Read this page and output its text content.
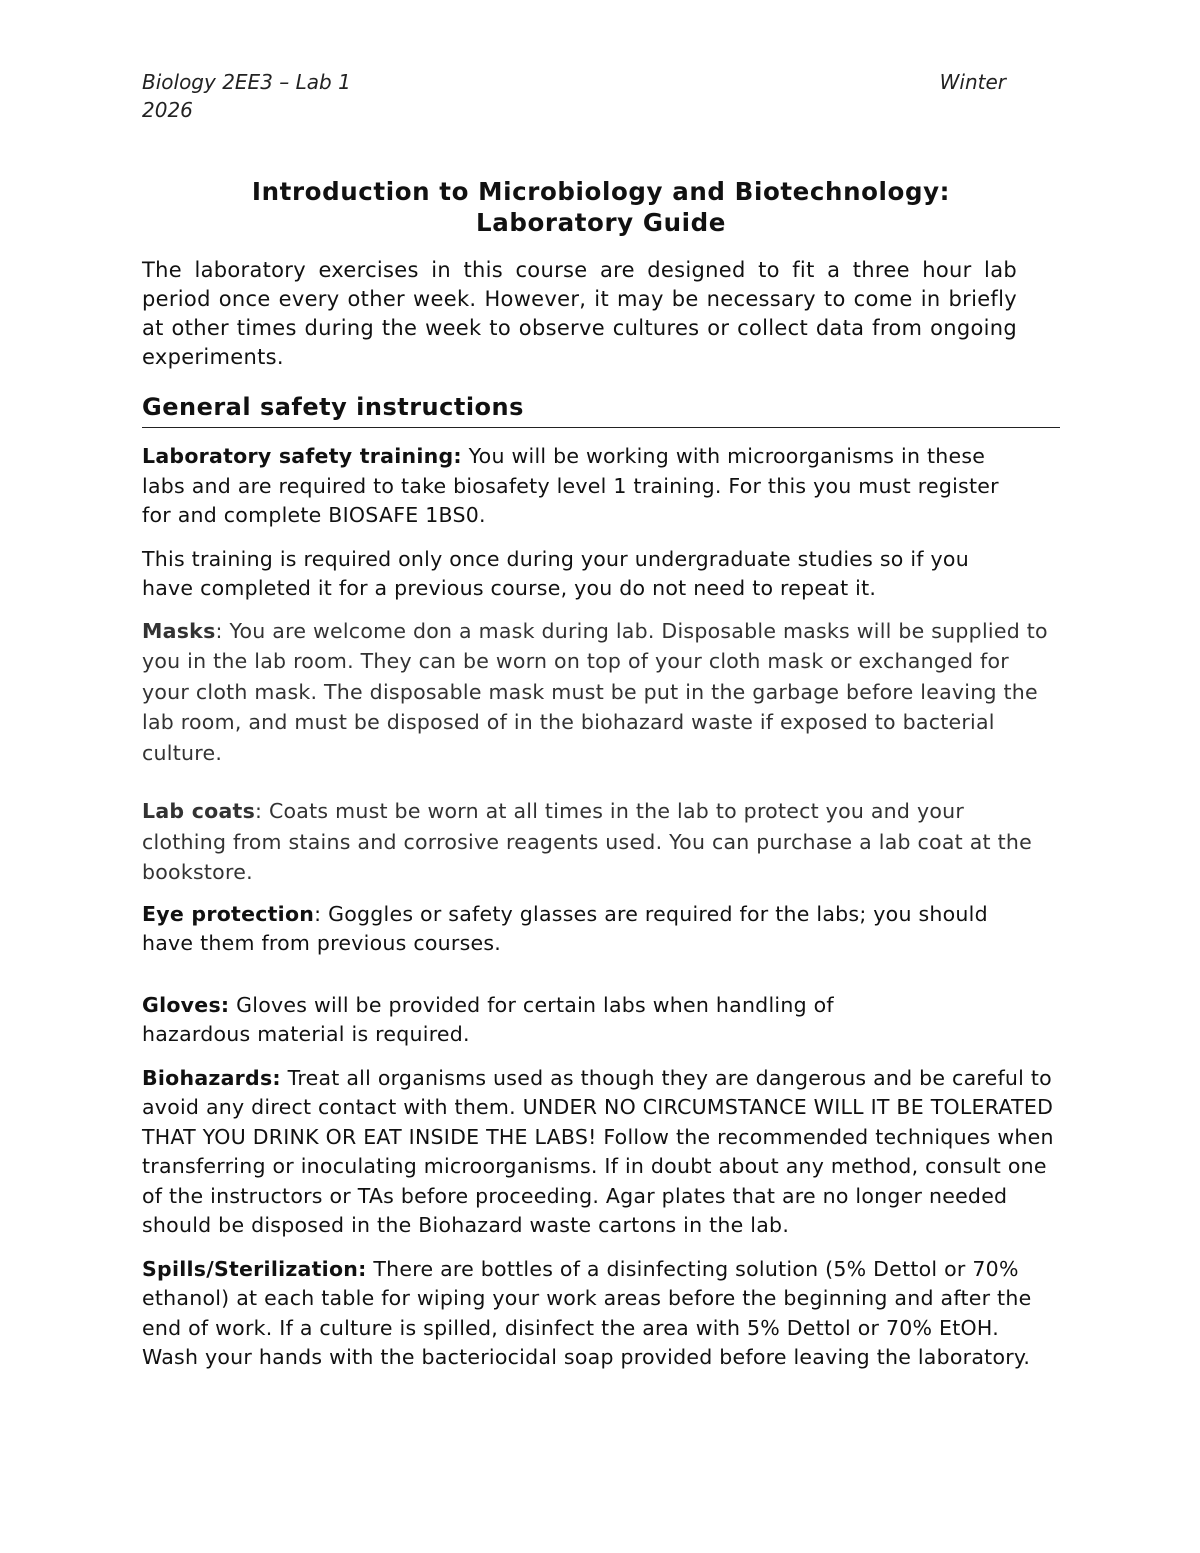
Biology 2EE3 – Lab 1	Winter
2026
Introduction to Microbiology and Biotechnology:
Laboratory Guide

The laboratory exercises in this course are designed to fit a three hour lab period once every other week. However, it may be necessary to come in briefly at other times during the week to observe cultures or collect data from ongoing experiments.

General safety instructions

Laboratory safety training: You will be working with microorganisms in these labs and are required to take biosafety level 1 training. For this you must register for and complete BIOSAFE 1BS0.

This training is required only once during your undergraduate studies so if you have completed it for a previous course, you do not need to repeat it.

Masks: You are welcome don a mask during lab. Disposable masks will be supplied to you in the lab room. They can be worn on top of your cloth mask or exchanged for your cloth mask. The disposable mask must be put in the garbage before leaving the lab room, and must be disposed of in the biohazard waste if exposed to bacterial culture.

Lab coats: Coats must be worn at all times in the lab to protect you and your clothing from stains and corrosive reagents used. You can purchase a lab coat at the bookstore.

Eye protection: Goggles or safety glasses are required for the labs; you should have them from previous courses.

Gloves: Gloves will be provided for certain labs when handling of hazardous material is required.

Biohazards: Treat all organisms used as though they are dangerous and be careful to avoid any direct contact with them. UNDER NO CIRCUMSTANCE WILL IT BE TOLERATED THAT YOU DRINK OR EAT INSIDE THE LABS! Follow the recommended techniques when transferring or inoculating microorganisms. If in doubt about any method, consult one of the instructors or TAs before proceeding. Agar plates that are no longer needed should be disposed in the Biohazard waste cartons in the lab.

Spills/Sterilization: There are bottles of a disinfecting solution (5% Dettol or 70% ethanol) at each table for wiping your work areas before the beginning and after the end of work. If a culture is spilled, disinfect the area with 5% Dettol or 70% EtOH. Wash your hands with the bacteriocidal soap provided before leaving the laboratory.
